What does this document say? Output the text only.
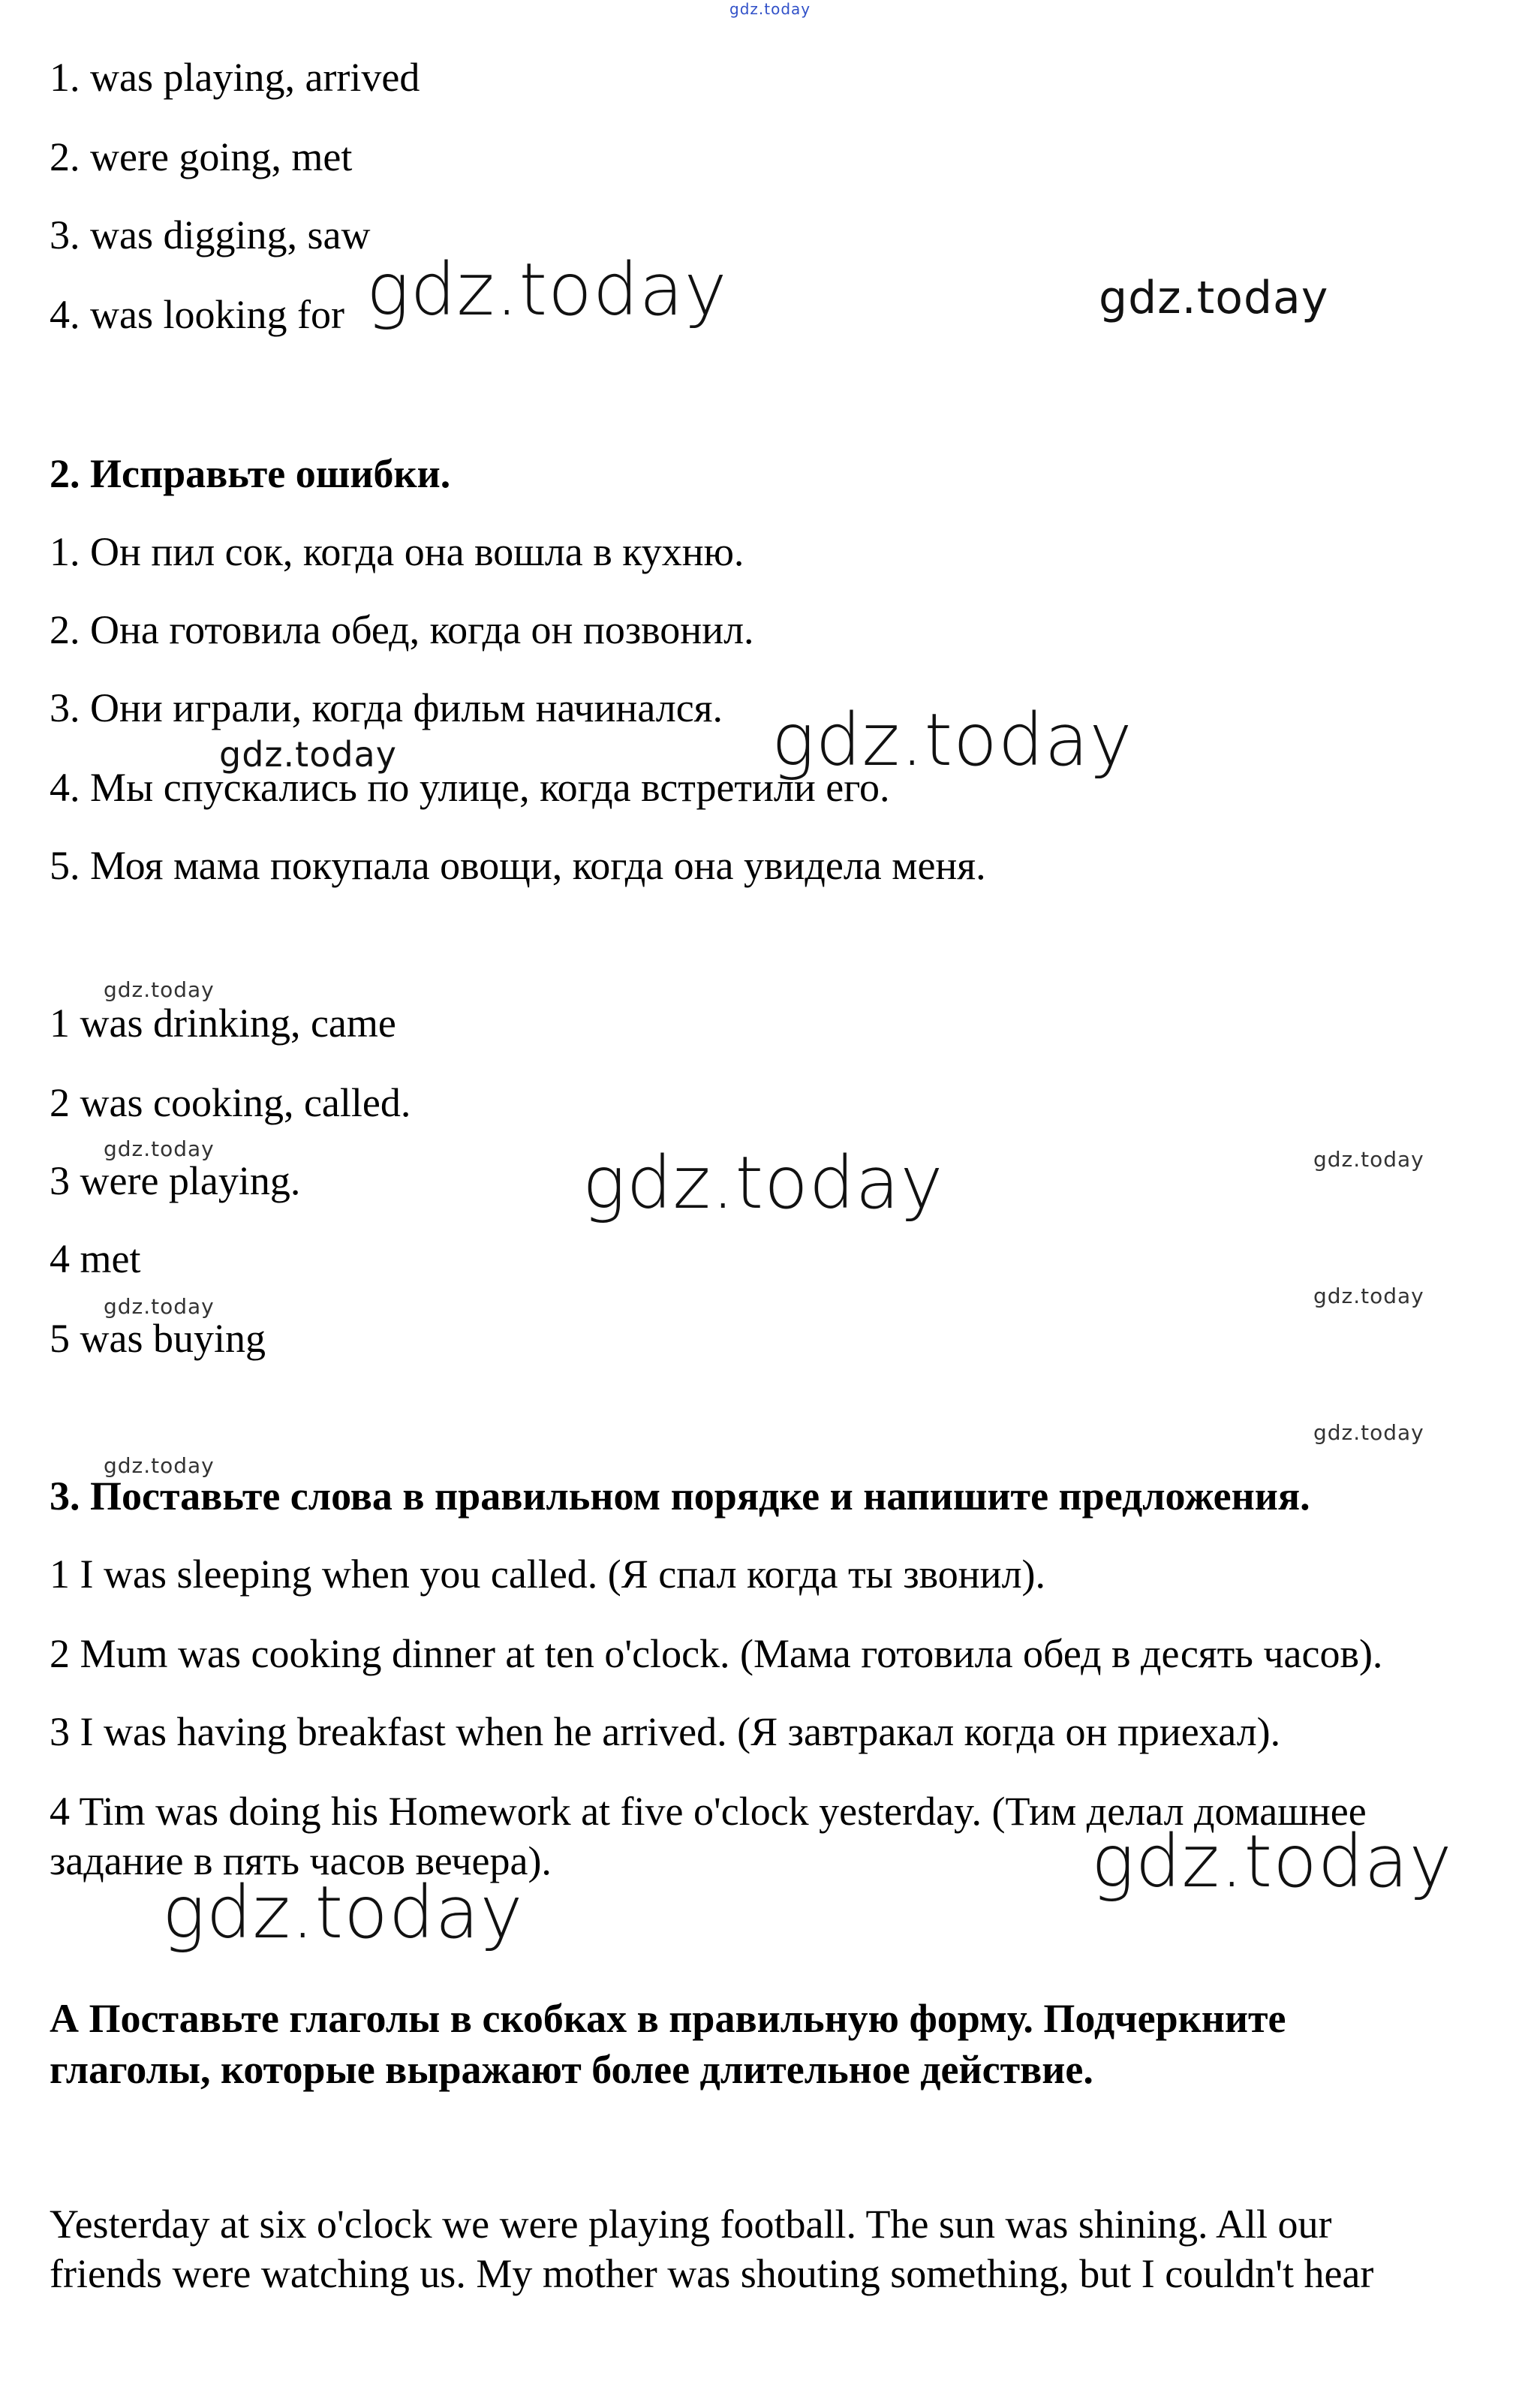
gdz.today
1. was playing, arrived
2. were going, met
3. was digging, saw
4. was looking for
2. Исправьте ошибки.
1. Он пил сок, когда она вошла в кухню.
2. Она готовила обед, когда он позвонил.
3. Они играли, когда фильм начинался.
4. Мы спускались по улице, когда встретили его.
5. Моя мама покупала овощи, когда она увидела меня.
1 was drinking, came
2 was cooking, called.
3 were playing.
4 met
5 was buying
3. Поставьте слова в правильном порядке и напишите предложения.
1 I was sleeping when you called. (Я спал когда ты звонил).
2 Mum was cooking dinner at ten o'clock. (Мама готовила обед в десять часов).
3 I was having breakfast when he arrived. (Я завтракал когда он приехал).
4 Tim was doing his Homework at five o'clock yesterday. (Тим делал домашнее
задание в пять часов вечера).
А Поставьте глаголы в скобках в правильную форму. Подчеркните
глаголы, которые выражают более длительное действие.
Yesterday at six o'clock we were playing football. The sun was shining. All our
friends were watching us. My mother was shouting something, but I couldn't hear
gdz.today	gdz.today
gdz.today
gdz.today
gdz.today
gdz.today	gdz.today	gdz.today
gdz.today	gdz.today
gdz.today
gdz.today
gdz.today
gdz.today
